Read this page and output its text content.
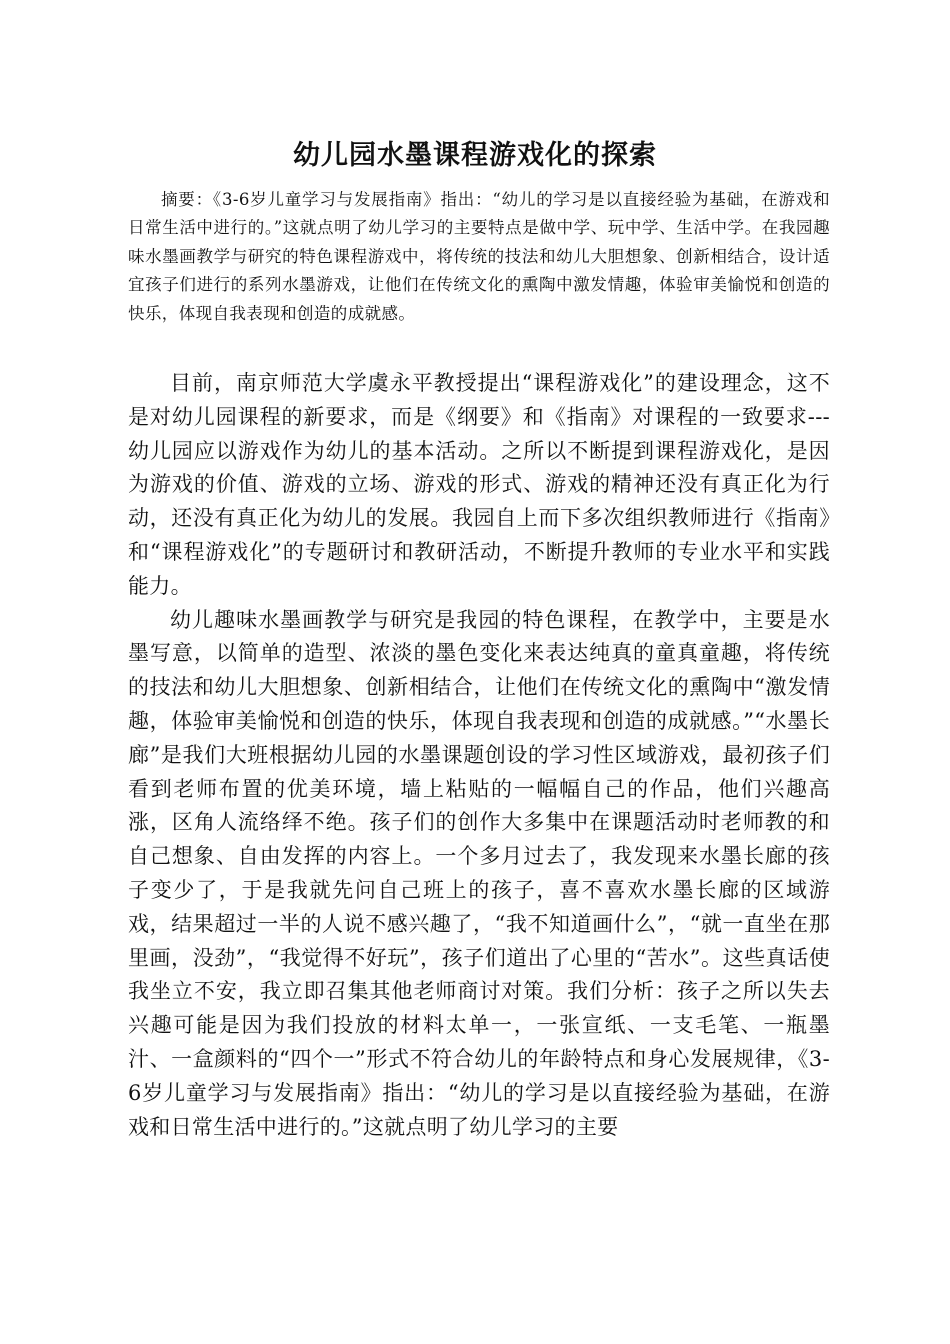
幼儿园水墨课程游戏化的探索

摘要：《3-6岁儿童学习与发展指南》指出：“幼儿的学习是以直接经验为基础，在游戏和日常生活中进行的。”这就点明了幼儿学习的主要特点是做中学、玩中学、生活中学。在我园趣味水墨画教学与研究的特色课程游戏中，将传统的技法和幼儿大胆想象、创新相结合，设计适宜孩子们进行的系列水墨游戏，让他们在传统文化的熏陶中激发情趣，体验审美愉悦和创造的快乐，体现自我表现和创造的成就感。

目前，南京师范大学虞永平教授提出“课程游戏化”的建设理念，这不是对幼儿园课程的新要求，而是《纲要》和《指南》对课程的一致要求---幼儿园应以游戏作为幼儿的基本活动。之所以不断提到课程游戏化，是因为游戏的价值、游戏的立场、游戏的形式、游戏的精神还没有真正化为行动，还没有真正化为幼儿的发展。我园自上而下多次组织教师进行《指南》和“课程游戏化”的专题研讨和教研活动，不断提升教师的专业水平和实践能力。

幼儿趣味水墨画教学与研究是我园的特色课程，在教学中，主要是水墨写意，以简单的造型、浓淡的墨色变化来表达纯真的童真童趣，将传统的技法和幼儿大胆想象、创新相结合，让他们在传统文化的熏陶中“激发情趣，体验审美愉悦和创造的快乐，体现自我表现和创造的成就感。”“水墨长廊”是我们大班根据幼儿园的水墨课题创设的学习性区域游戏，最初孩子们看到老师布置的优美环境，墙上粘贴的一幅幅自己的作品，他们兴趣高涨，区角人流络绎不绝。孩子们的创作大多集中在课题活动时老师教的和自己想象、自由发挥的内容上。一个多月过去了，我发现来水墨长廊的孩子变少了，于是我就先问自己班上的孩子，喜不喜欢水墨长廊的区域游戏，结果超过一半的人说不感兴趣了，“我不知道画什么”，“就一直坐在那里画，没劲”，“我觉得不好玩”，孩子们道出了心里的“苦水”。这些真话使我坐立不安，我立即召集其他老师商讨对策。我们分析：孩子之所以失去兴趣可能是因为我们投放的材料太单一，一张宣纸、一支毛笔、一瓶墨汁、一盒颜料的“四个一”形式不符合幼儿的年龄特点和身心发展规律，《3-6岁儿童学习与发展指南》指出：“幼儿的学习是以直接经验为基础，在游戏和日常生活中进行的。”这就点明了幼儿学习的主要
